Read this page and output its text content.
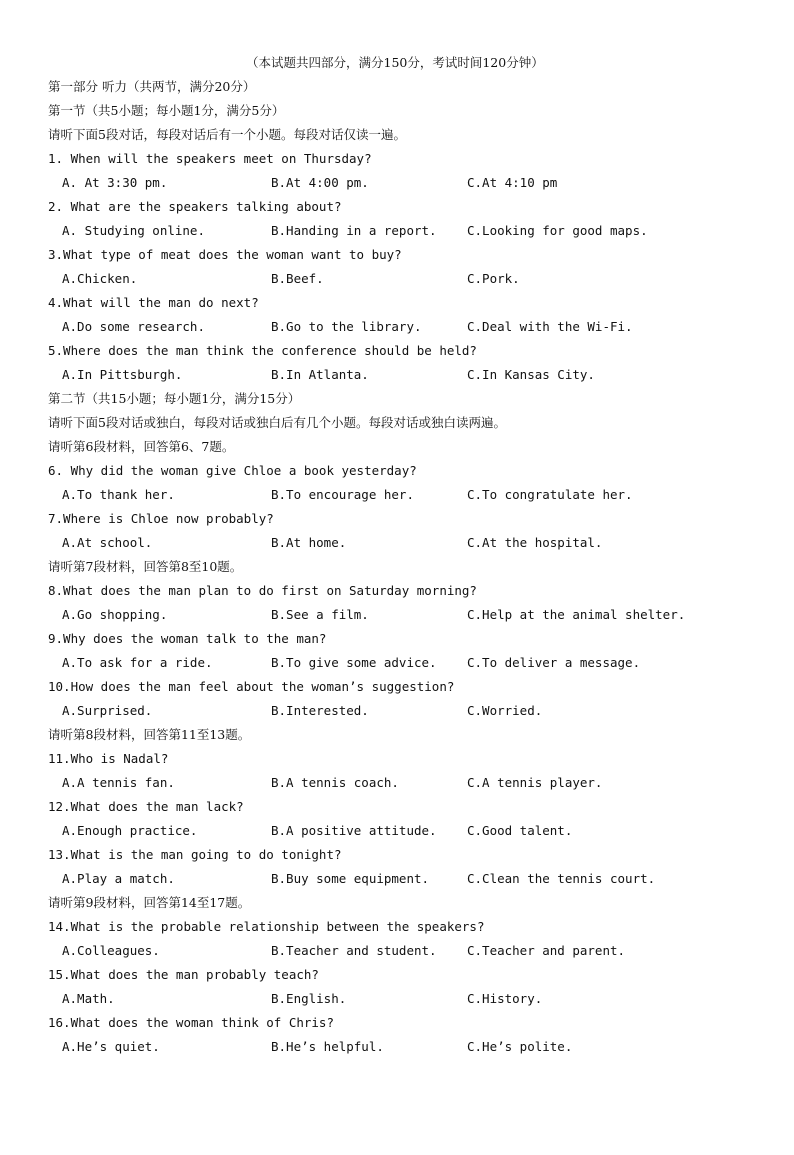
（本试题共四部分，满分150分，考试时间120分钟）
第一部分 听力（共两节，满分20分）
第一节（共5小题；每小题1分，满分5分）
请听下面5段对话，每段对话后有一个小题。每段对话仅读一遍。
1. When will the speakers meet on Thursday?

A. At 3:30 pm.

	B.At 4:00 pm.

	C.At 4:10 pm

2. What are the speakers talking about?

A. Studying online.

	B.Handing in a report.

C.Looking for good maps.

3.What type of meat does the woman want to buy?

A.Chicken.

	B.Beef.

	C.Pork.

4.What will the man do next?

A.Do some research.

	B.Go to the library.

	C.Deal with the Wi-Fi.

5.Where does the man think the conference should be held?

A.In Pittsburgh.

	B.In Atlanta.

	C.In Kansas City.

第二节（共15小题；每小题1分，满分15分）
请听下面5段对话或独白，每段对话或独白后有几个小题。每段对话或独白读两遍。
请听第6段材料，回答第6、7题。
6. Why did the woman give Chloe a book yesterday?

A.To thank her.

	B.To encourage her.

	C.To congratulate her.

7.Where is Chloe now probably?

A.At school.

	B.At home.

	C.At the hospital.

请听第7段材料，回答第8至10题。
8.What does the man plan to do first on Saturday morning?

A.Go shopping.

	B.See a film.

	C.Help at the animal shelter.

9.Why does the woman talk to the man?

A.To ask for a ride.

	B.To give some advice.

C.To deliver a message.

10.How does the man feel about the woman’s suggestion?

A.Surprised.

	B.Interested.

	C.Worried.

请听第8段材料，回答第11至13题。
11.Who is Nadal?

A.A tennis fan.

	B.A tennis coach.

	C.A tennis player.

12.What does the man lack?

A.Enough practice.

	B.A positive attitude.

C.Good talent.

13.What is the man going to do tonight?

A.Play a match.

	B.Buy some equipment.

	C.Clean the tennis court.

请听第9段材料，回答第14至17题。
14.What is the probable relationship between the speakers?

A.Colleagues.

	B.Teacher and student.

C.Teacher and parent.

15.What does the man probably teach?

A.Math.

	B.English.

	C.History.

16.What does the woman think of Chris?

A.He’s quiet.

	B.He’s helpful.

	C.He’s polite.
